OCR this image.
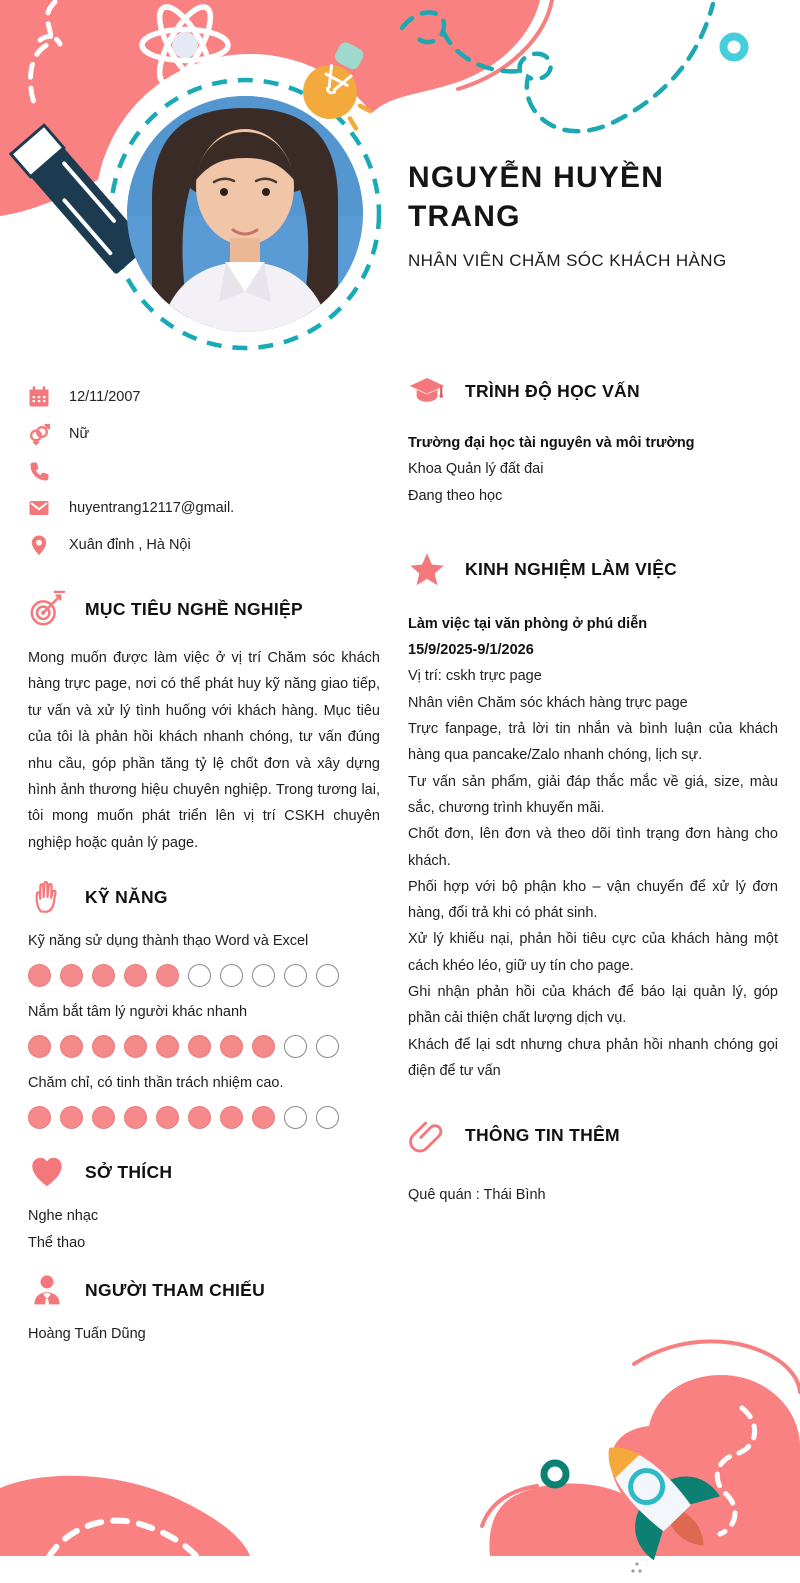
NGUYỄN HUYỀN TRANG
NHÂN VIÊN CHĂM SÓC KHÁCH HÀNG
12/11/2007
Nữ
huyentrang12117@gmail.
Xuân đỉnh , Hà Nội
MỤC TIÊU NGHỀ NGHIỆP

Mong muốn được làm việc ở vị trí Chăm sóc khách hàng trực page, nơi có thể phát huy kỹ năng giao tiếp, tư vấn và xử lý tình huống với khách hàng. Mục tiêu của tôi là phản hồi khách nhanh chóng, tư vấn đúng nhu cầu, góp phần tăng tỷ lệ chốt đơn và xây dựng hình ảnh thương hiệu chuyên nghiệp. Trong tương lai, tôi mong muốn phát triển lên vị trí CSKH chuyên nghiệp hoặc quản lý page.

KỸ NĂNG
Kỹ năng sử dụng thành thạo Word và Excel
Nắm bắt tâm lý người khác nhanh
Chăm chỉ, có tinh thần trách nhiệm cao.
SỞ THÍCH

Nghe nhạc

Thể thao

NGƯỜI THAM CHIẾU

Hoàng Tuấn Dũng

TRÌNH ĐỘ HỌC VẤN

Trường đại học tài nguyên và môi trường

Khoa Quản lý đất đai

Đang theo học

KINH NGHIỆM LÀM VIỆC

Làm việc tại văn phòng ở phú diễn

15/9/2025-9/1/2026

Vị trí: cskh trực page

Nhân viên Chăm sóc khách hàng trực page

Trực fanpage, trả lời tin nhắn và bình luận của khách hàng qua pancake/Zalo nhanh chóng, lịch sự.

Tư vấn sản phẩm, giải đáp thắc mắc về giá, size, màu sắc, chương trình khuyến mãi.

Chốt đơn, lên đơn và theo dõi tình trạng đơn hàng cho khách.

Phối hợp với bộ phận kho – vận chuyển để xử lý đơn hàng, đổi trả khi có phát sinh.

Xử lý khiếu nại, phản hồi tiêu cực của khách hàng một cách khéo léo, giữ uy tín cho page.

Ghi nhận phản hồi của khách để báo lại quản lý, góp phần cải thiện chất lượng dịch vụ.

Khách để lại sdt nhưng chưa phản hồi nhanh chóng gọi điện để tư vấn

THÔNG TIN THÊM

Quê quán : Thái Bình
